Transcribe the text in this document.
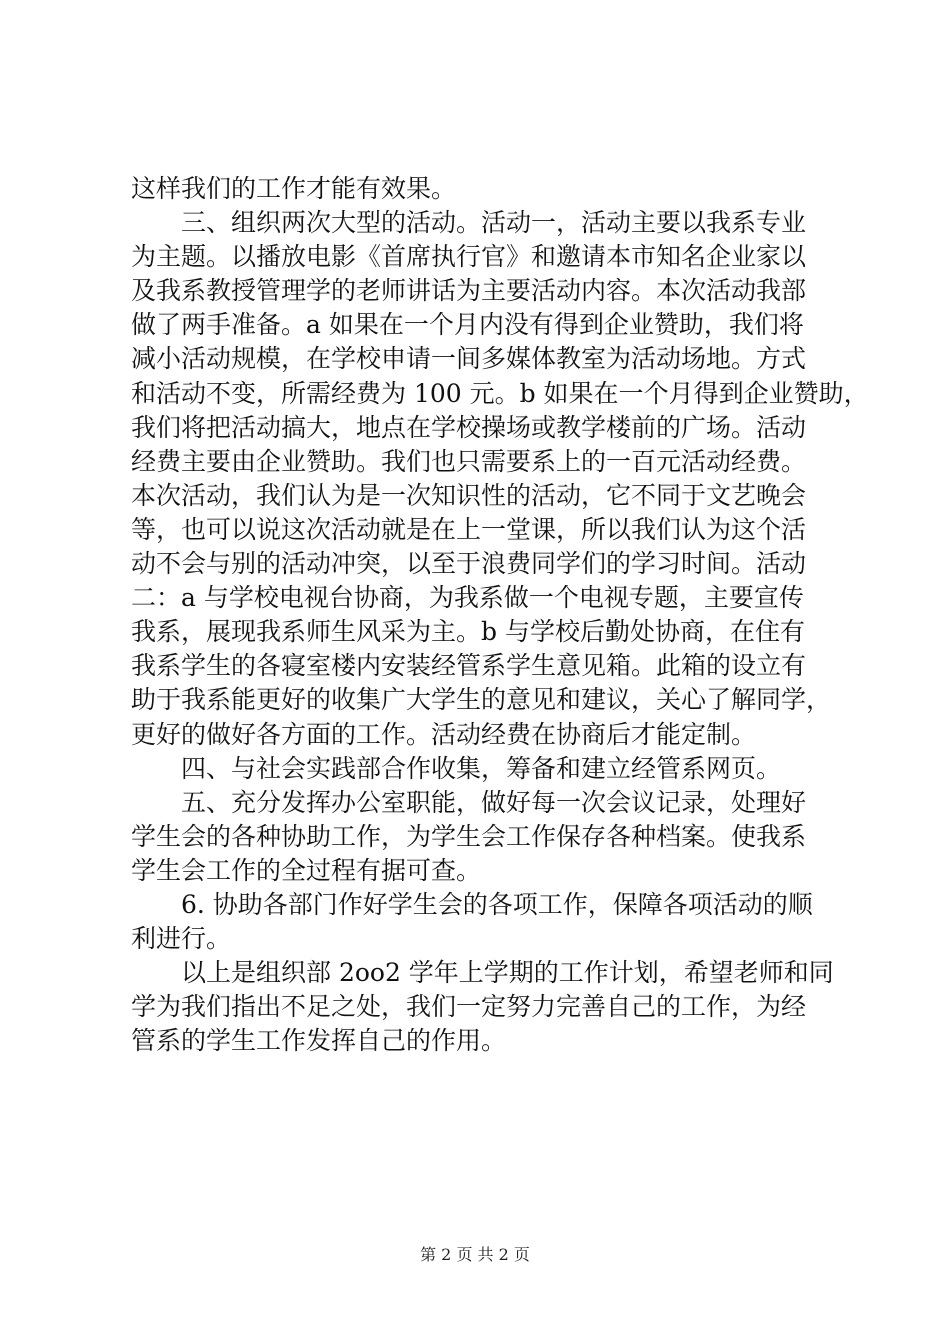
这样我们的工作才能有效果。
　　三、组织两次大型的活动。活动一，活动主要以我系专业
为主题。以播放电影《首席执行官》和邀请本市知名企业家以
及我系教授管理学的老师讲话为主要活动内容。本次活动我部
做了两手准备。a 如果在一个月内没有得到企业赞助，我们将
减小活动规模，在学校申请一间多媒体教室为活动场地。方式
和活动不变，所需经费为 100 元。b 如果在一个月得到企业赞助，
我们将把活动搞大，地点在学校操场或教学楼前的广场。活动
经费主要由企业赞助。我们也只需要系上的一百元活动经费。
本次活动，我们认为是一次知识性的活动，它不同于文艺晚会
等，也可以说这次活动就是在上一堂课，所以我们认为这个活
动不会与别的活动冲突，以至于浪费同学们的学习时间。活动
二：a 与学校电视台协商，为我系做一个电视专题，主要宣传
我系，展现我系师生风采为主。b 与学校后勤处协商，在住有
我系学生的各寝室楼内安装经管系学生意见箱。此箱的设立有
助于我系能更好的收集广大学生的意见和建议，关心了解同学，
更好的做好各方面的工作。活动经费在协商后才能定制。
　　四、与社会实践部合作收集，筹备和建立经管系网页。
　　五、充分发挥办公室职能，做好每一次会议记录，处理好
学生会的各种协助工作，为学生会工作保存各种档案。使我系
学生会工作的全过程有据可查。
　　6. 协助各部门作好学生会的各项工作，保障各项活动的顺
利进行。
　　以上是组织部 2oo2 学年上学期的工作计划，希望老师和同
学为我们指出不足之处，我们一定努力完善自己的工作，为经
管系的学生工作发挥自己的作用。
第 2 页 共 2 页
